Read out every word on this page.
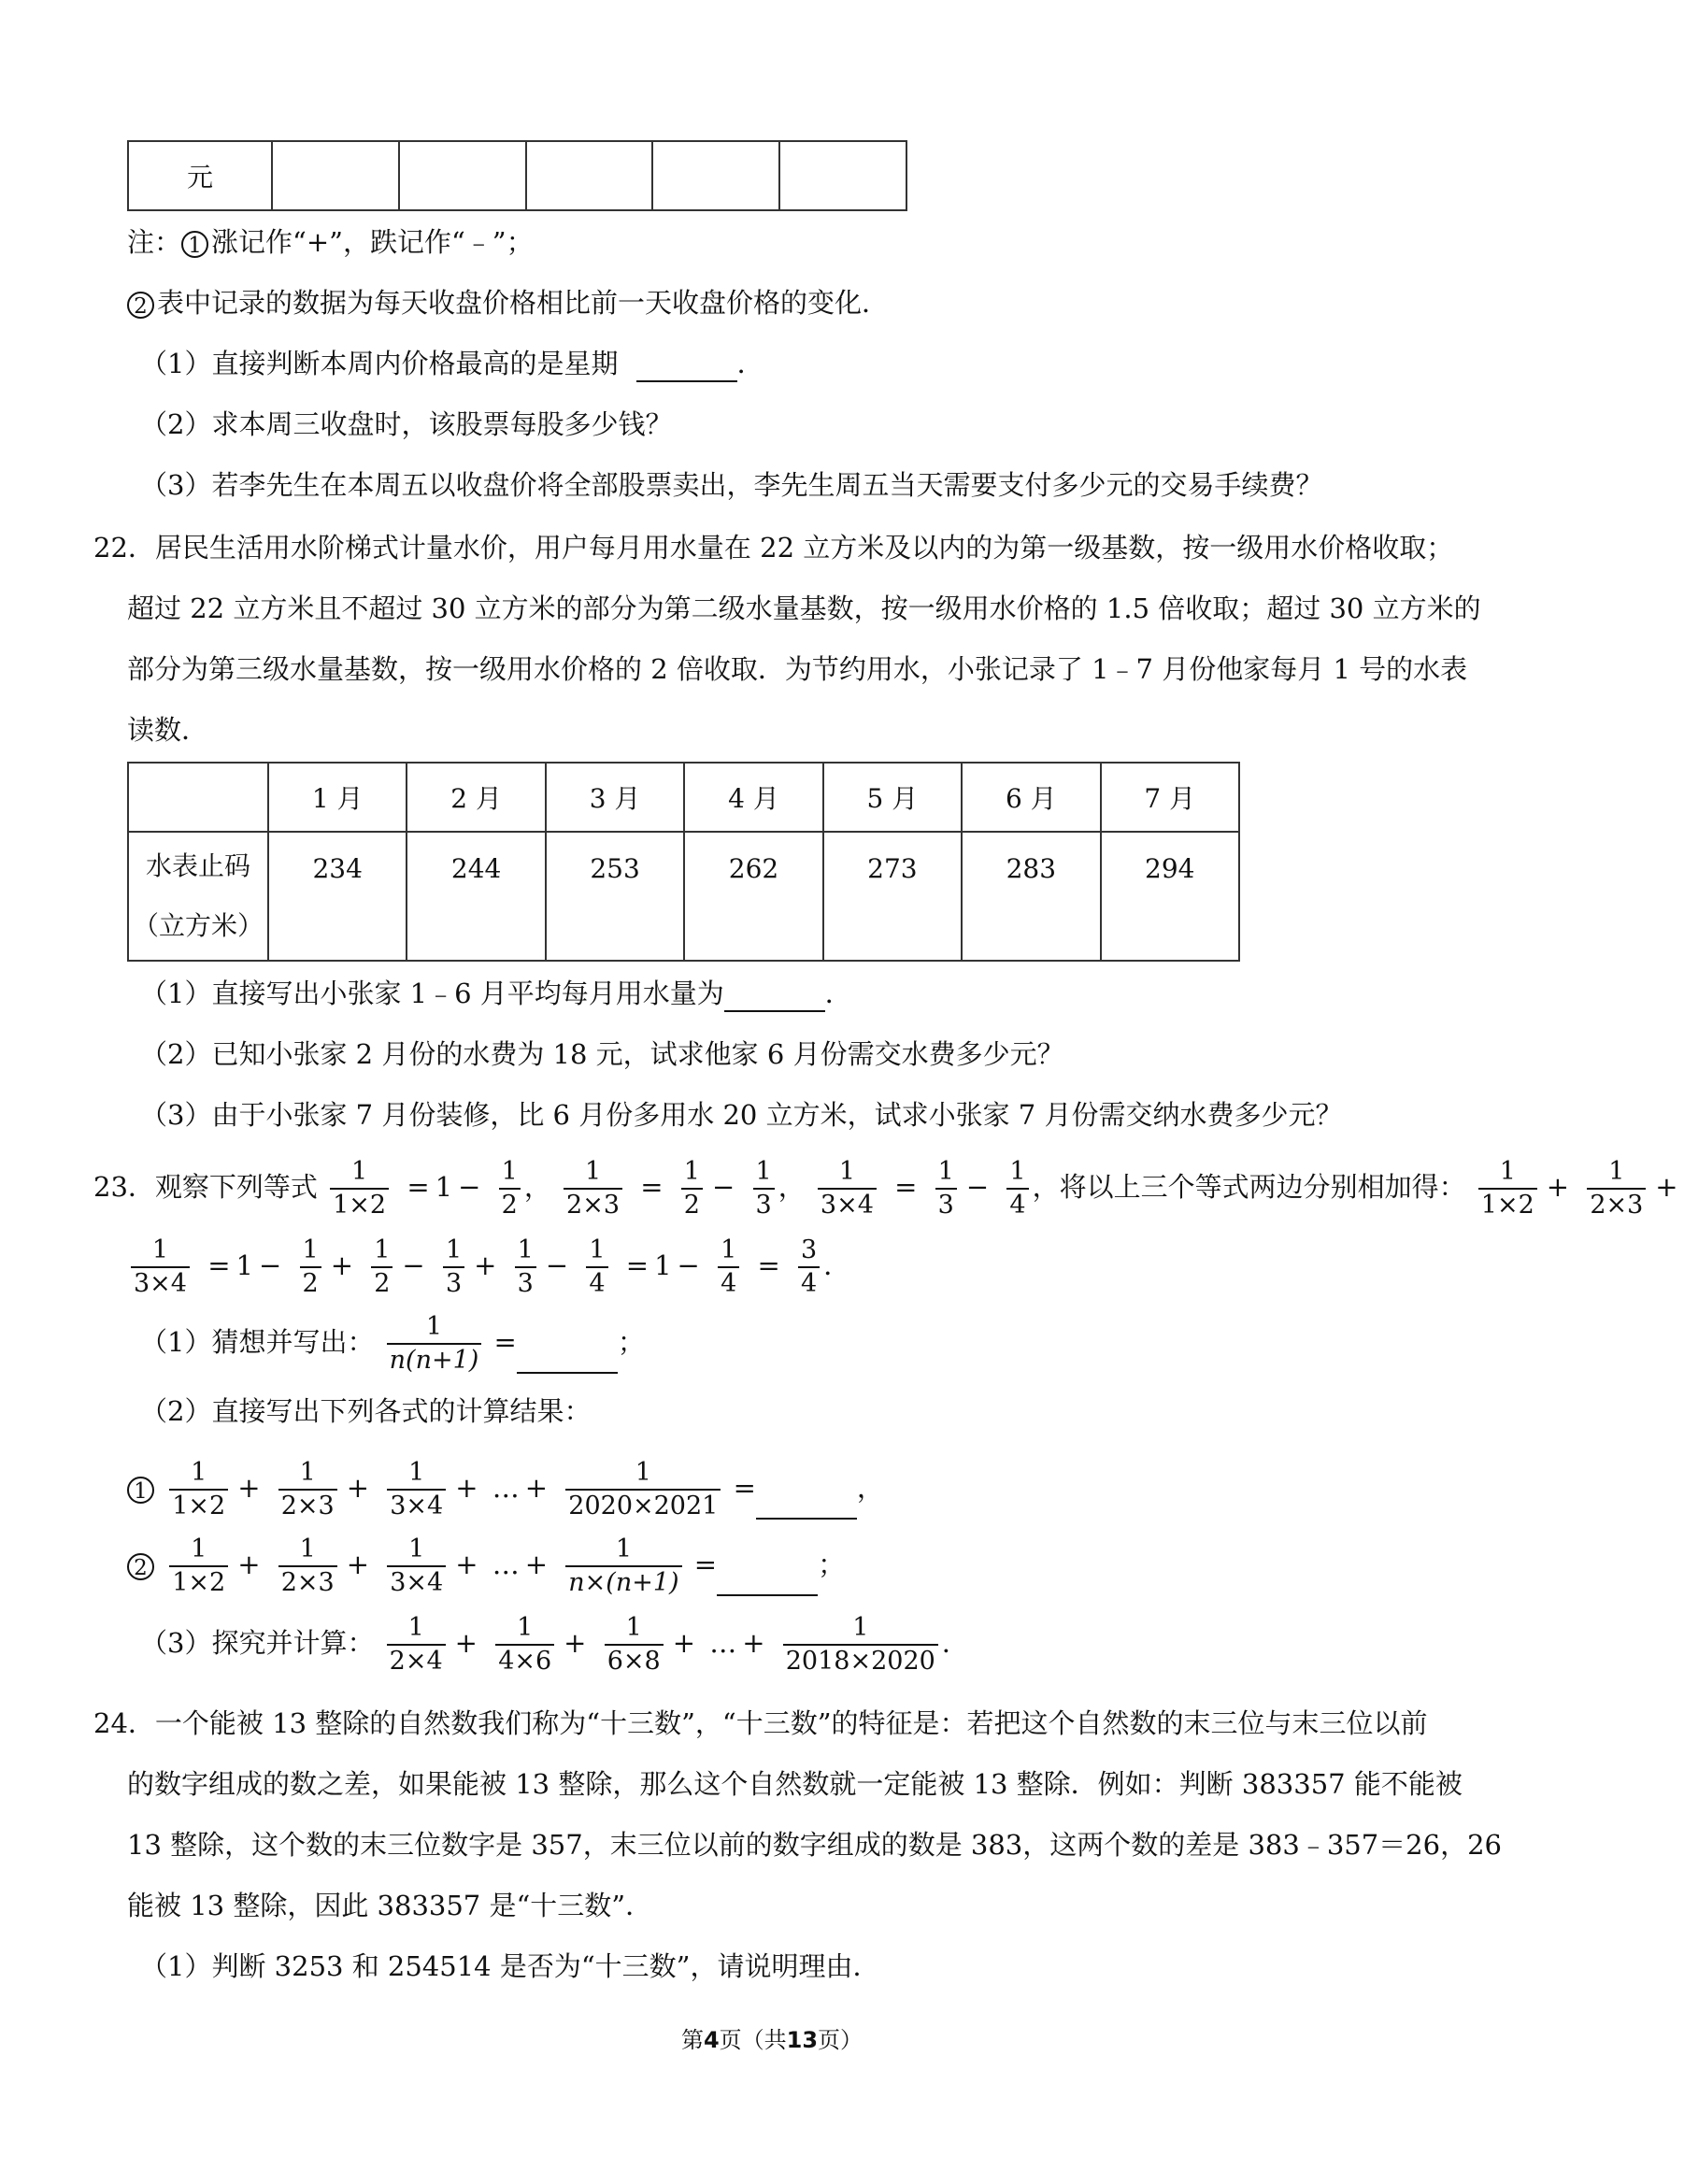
元					
注： 1 涨记作“+”，跌记作“﹣”；
2 表中记录的数据为每天收盘价格相比前一天收盘价格的变化．
（1）直接判断本周内价格最高的是星期	．
（2）求本周三收盘时，该股票每股多少钱？
（3）若李先生在本周五以收盘价将全部股票卖出，李先生周五当天需要支付多少元的交易手续费？
22．居民生活用水阶梯式计量水价，用户每月用水量在 22 立方米及以内的为第一级基数，按一级用水价格收取；
超过 22 立方米且不超过 30 立方米的部分为第二级水量基数，按一级用水价格的 1.5 倍收取；超过 30 立方米的
部分为第三级水量基数，按一级用水价格的 2 倍收取．为节约用水，小张记录了 1﹣7 月份他家每月 1 号的水表
读数．
	1 月	2 月	3 月	4 月	5 月	6 月	7 月

水表止码
（立方米）	234	244	253	262	273	283	294
（1）直接写出小张家 1﹣6 月平均每月用水量为	．
（2）已知小张家 2 月份的水费为 18 元，试求他家 6 月份需交水费多少元？
（3）由于小张家 7 月份装修，比 6 月份多用水 20 立方米，试求小张家 7 月份需交纳水费多少元？
23．观察下列等式 $\frac{1}{1\times 2} = 1 - \frac{1}{2}$ ， $\frac{1}{2\times 3} = \frac{1}{2} - \frac{1}{3}$ ， $\frac{1}{3\times 4} = \frac{1}{3} - \frac{1}{4}$ ，将以上三个等式两边分别相加得： $\frac{1}{1\times 2} + \frac{1}{2\times 3}$ +
$\frac{1}{3\times 4} = 1 - \frac{1}{2} + \frac{1}{2} - \frac{1}{3} + \frac{1}{3} - \frac{1}{4} = 1 - \frac{1}{4} = \frac{3}{4}$ ．
（1）猜想并写出： $\frac{1}{n(n+1)}$ =	；
（2）直接写出下列各式的计算结果：
$1 \frac{1}{1\times 2} + \frac{1}{2\times 3} + \frac{1}{3\times 4}$ + … + $\frac{1}{2020\times 2021}$ =	，
$2 \frac{1}{1\times 2} + \frac{1}{2\times 3} + \frac{1}{3\times 4}$ + … + $\frac{1}{n\times(n+1)}$ =	；
（3）探究并计算： $\frac{1}{2\times 4} + \frac{1}{4\times 6} + \frac{1}{6\times 8}$ + … + $\frac{1}{2018\times 2020}$ ．
24．一个能被 13 整除的自然数我们称为“十三数”，“十三数”的特征是：若把这个自然数的末三位与末三位以前
的数字组成的数之差，如果能被 13 整除，那么这个自然数就一定能被 13 整除．例如：判断 383357 能不能被
13 整除，这个数的末三位数字是 357，末三位以前的数字组成的数是 383，这两个数的差是 383﹣357＝26，26
能被 13 整除，因此 383357 是“十三数”．
（1）判断 3253 和 254514 是否为“十三数”，请说明理由．
第4页（共13页）
